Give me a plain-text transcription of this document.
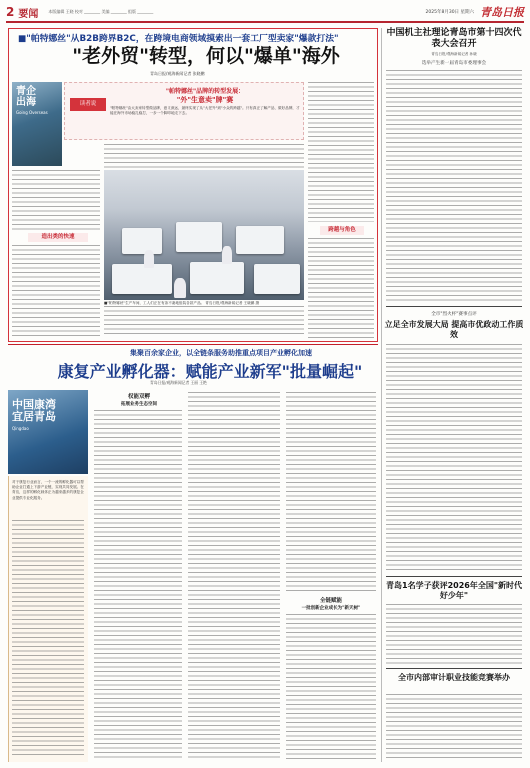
2 要闻	本版编辑 王晓 校对 ________ 美编 ________ 组版 ________	2025年8月30日 星期六 青岛日报
■"帕特娜丝"从B2B跨界B2C，在跨境电商领域摸索出一套工厂型卖家"爆款打法"
"老外贸"转型，何以"爆单"海外
青岛日报/观海新闻记者 张晓鹏
青企
出海
Going Overseas
读者说
"帕特娜丝"品牌的转型发展：
"外"生意卖"牌"赛
"帕特娜丝"由大卖家转型做品牌，意义深远，最终实现了从"大老外"到"小众的跨越"。只有真正了解产品、做好品牌，才能在海外市场稳扎稳打，一步一个脚印地走下去。
造出类的快速
跨越与角色
■"帕特娜丝"生产车间，工人们正在有条不紊地组装各款产品。 青岛日报/观海新闻记者 王晓鹏 摄
中国机主社理论青岛市第十四次代表大会召开
青岛日报/观海新闻记者 孙晓
选举产生新一届青岛市委理事会
全市"烈火杯"赛事点评
立足全市发展大局 提高市优政动工作质效
青岛1名学子获评2026年全国"新时代好少年"
全市内部审计职业技能竞赛举办
集聚百余家企业，以全链条服务助推重点项目产业孵化加速
康复产业孵化器：赋能产业新军"批量崛起"
青岛日报/观海新闻记者 王丽 王艳
中国康湾
宜居青岛
Qingdao
对于康复行业而言，一个一流的孵化器可以帮助企业打通上下游产业链，实现共同发展。在青岛，这样的孵化载体正为越来越多的康复企业提供专业化服务。
权能双孵
拓展业务生态空间
全链赋能
一批创新企业成长为"新天树"
